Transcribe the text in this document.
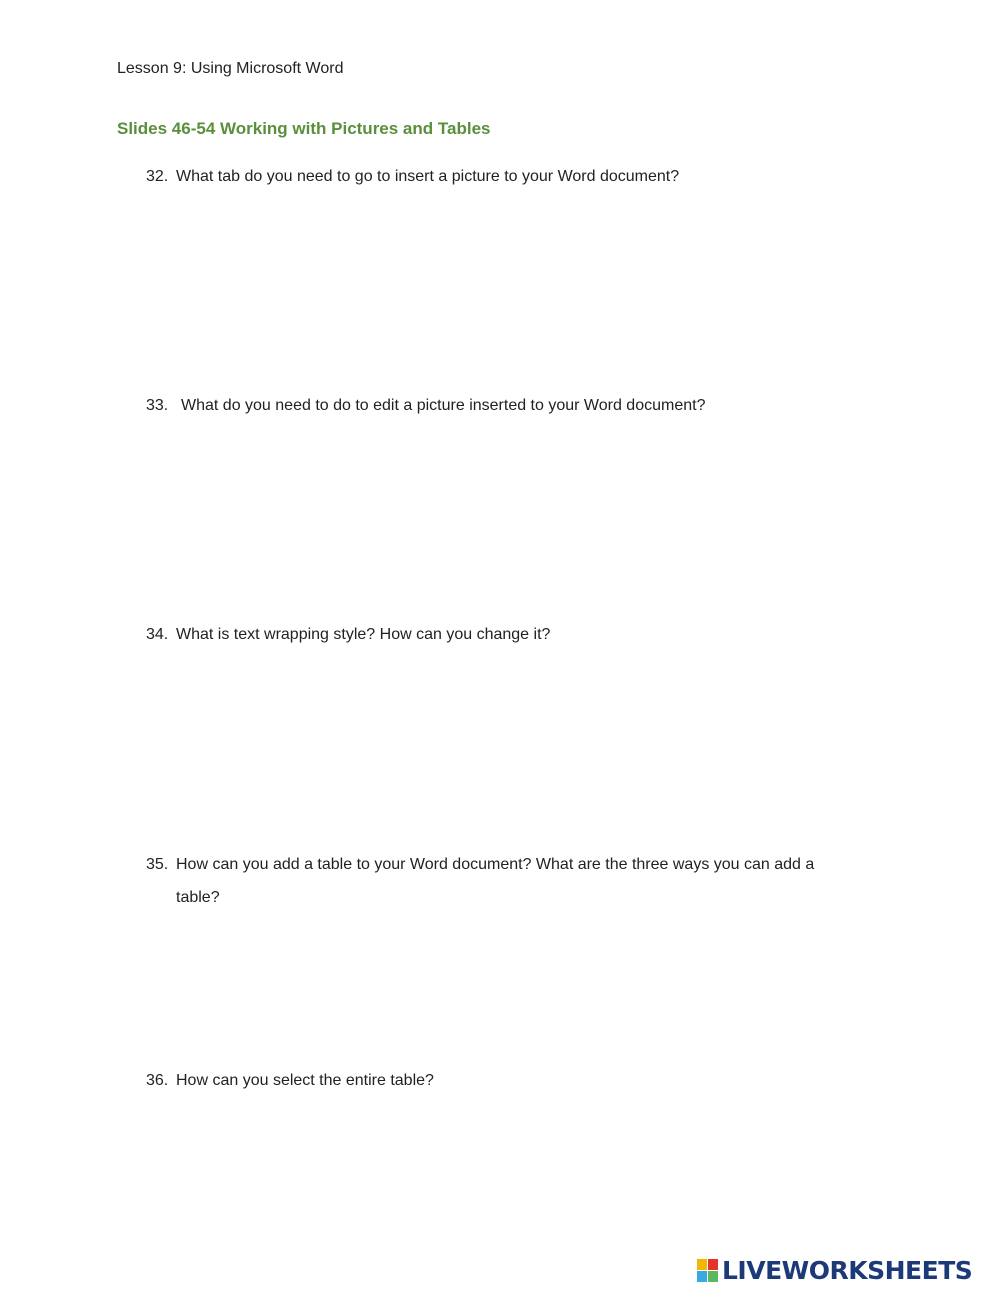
Lesson 9: Using Microsoft Word
Slides 46-54 Working with Pictures and Tables
32. What tab do you need to go to insert a picture to your Word document?
33. What do you need to do to edit a picture inserted to your Word document?
34. What is text wrapping style? How can you change it?
35. How can you add a table to your Word document? What are the three ways you can add a table?
36. How can you select the entire table?
LIVEWORKSHEETS
